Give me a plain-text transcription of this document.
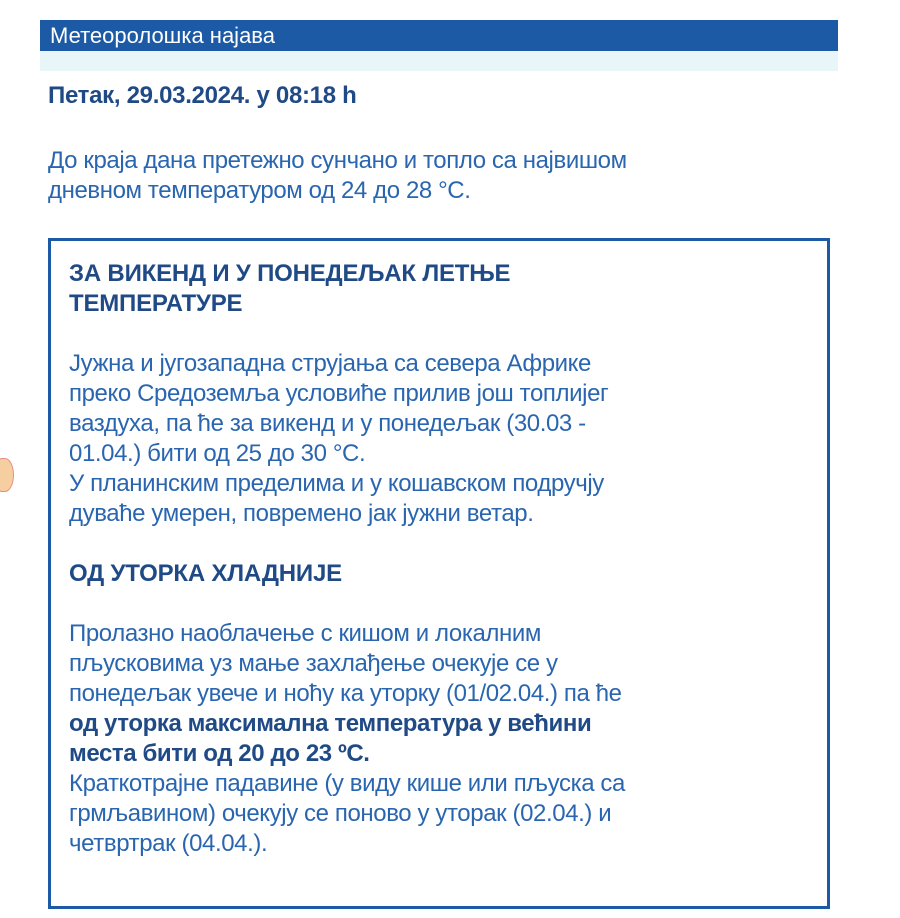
Метеоролошка најава
Петак, 29.03.2024. у 08:18 h
До краја дана претежно сунчано и топло са највишом
дневном температуром од 24 до 28 °C.
ЗА ВИКЕНД И У ПОНЕДЕЉАК ЛЕТЊЕ
ТЕМПЕРАТУРЕ
Јужна и југозападна струјања са севера Африке
преко Средоземља условиће прилив још топлијег
ваздуха, па ће за викенд и у понедељак (30.03 -
01.04.) бити од 25 до 30 °C.
У планинским пределима и у кошавском подручју
дуваће умерен, повремено јак јужни ветар.
ОД УТОРКА ХЛАДНИЈЕ
Пролазно наоблачење с кишом и локалним
пљусковима уз мање захлађење очекује се у
понедељак увече и ноћу ка уторку (01/02.04.) па ће
од уторка максимална температура у већини
места бити од 20 до 23 ºC.
Краткотрајне падавине (у виду кише или пљуска са
грмљавином) очекују се поново у уторак (02.04.) и
четвртрак (04.04.).
